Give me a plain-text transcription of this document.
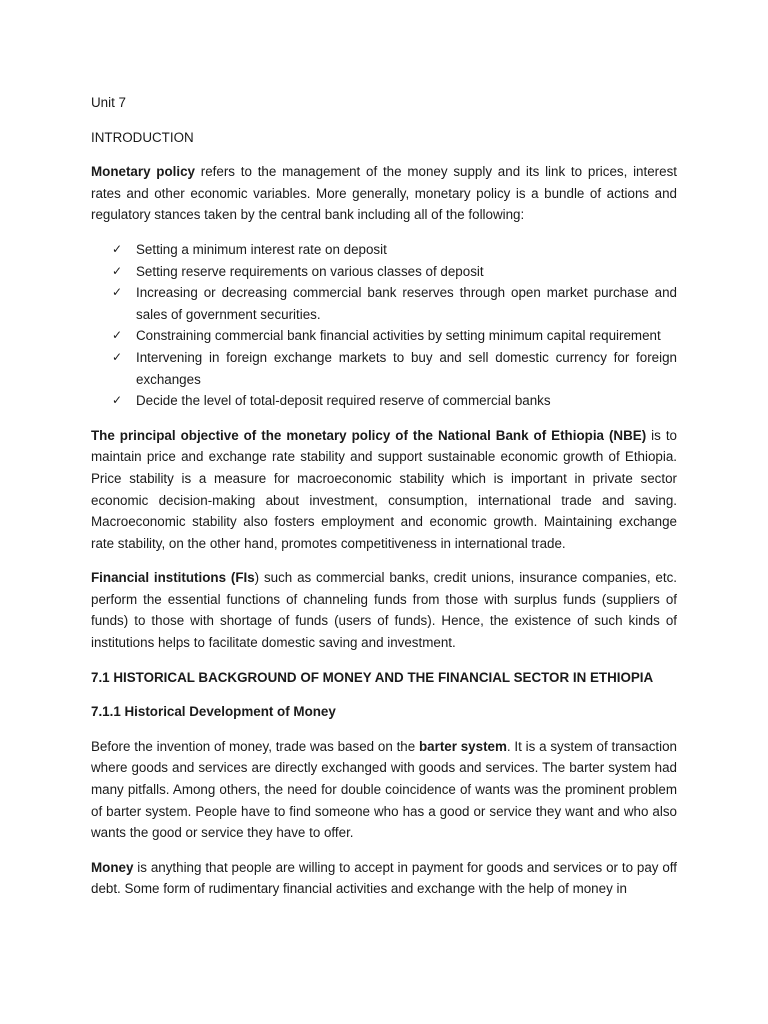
Unit 7

INTRODUCTION

Monetary policy refers to the management of the money supply and its link to prices, interest rates and other economic variables. More generally, monetary policy is a bundle of actions and regulatory stances taken by the central bank including all of the following:

✓ Setting a minimum interest rate on deposit
✓ Setting reserve requirements on various classes of deposit
✓ Increasing or decreasing commercial bank reserves through open market purchase and sales of government securities.
✓ Constraining commercial bank financial activities by setting minimum capital requirement
✓ Intervening in foreign exchange markets to buy and sell domestic currency for foreign exchanges
✓ Decide the level of total-deposit required reserve of commercial banks

The principal objective of the monetary policy of the National Bank of Ethiopia (NBE) is to maintain price and exchange rate stability and support sustainable economic growth of Ethiopia. Price stability is a measure for macroeconomic stability which is important in private sector economic decision-making about investment, consumption, international trade and saving. Macroeconomic stability also fosters employment and economic growth. Maintaining exchange rate stability, on the other hand, promotes competitiveness in international trade.

Financial institutions (FIs) such as commercial banks, credit unions, insurance companies, etc. perform the essential functions of channeling funds from those with surplus funds (suppliers of funds) to those with shortage of funds (users of funds). Hence, the existence of such kinds of institutions helps to facilitate domestic saving and investment.

7.1 HISTORICAL BACKGROUND OF MONEY AND THE FINANCIAL SECTOR IN ETHIOPIA
7.1.1 Historical Development of Money

Before the invention of money, trade was based on the barter system. It is a system of transaction where goods and services are directly exchanged with goods and services. The barter system had many pitfalls. Among others, the need for double coincidence of wants was the prominent problem of barter system. People have to find someone who has a good or service they want and who also wants the good or service they have to offer.

Money is anything that people are willing to accept in payment for goods and services or to pay off debt. Some form of rudimentary financial activities and exchange with the help of money in
